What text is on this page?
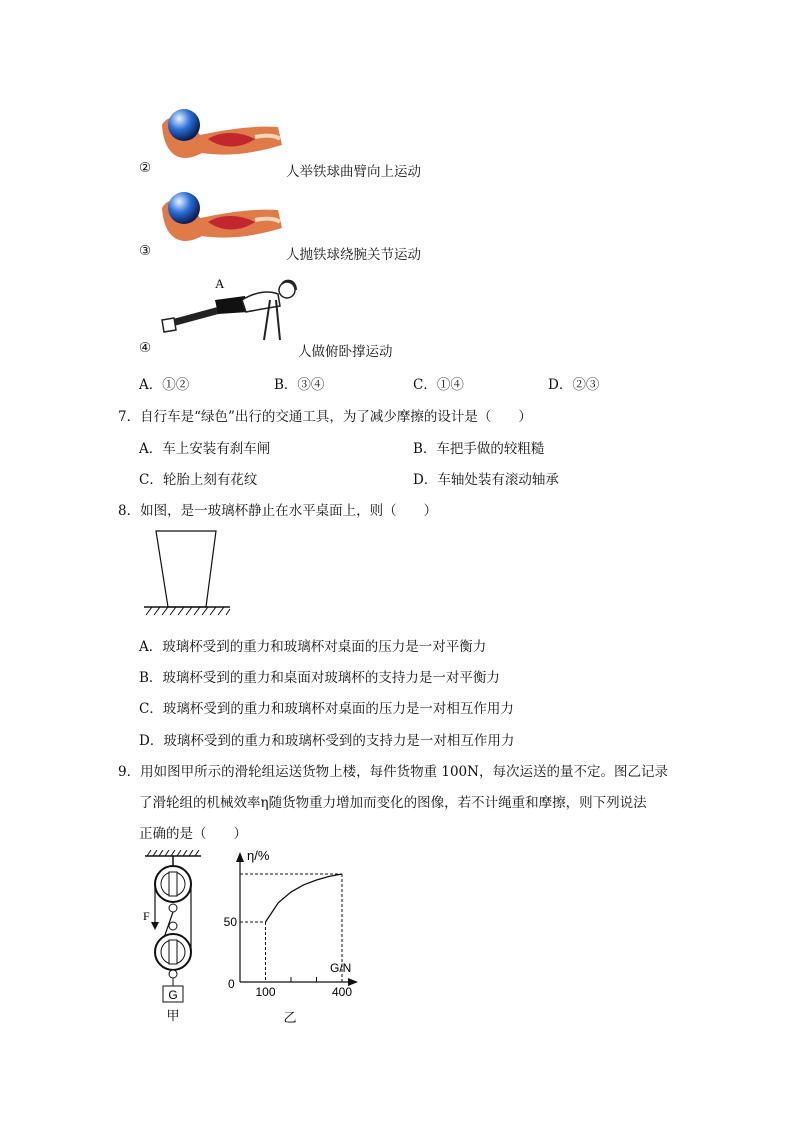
②	人举铁球曲臂向上运动
③	人抛铁球绕腕关节运动
A
④	人做俯卧撑运动
A．①②	B．③④	C．①④	D．②③
7．自行车是“绿色”出行的交通工具，为了减少摩擦的设计是（　　）
A．车上安装有刹车闸	B．车把手做的较粗糙
C．轮胎上刻有花纹	D．车轴处装有滚动轴承
8．如图，是一玻璃杯静止在水平桌面上，则（　　）
A．玻璃杯受到的重力和玻璃杯对桌面的压力是一对平衡力
B．玻璃杯受到的重力和桌面对玻璃杯的支持力是一对平衡力
C．玻璃杯受到的重力和玻璃杯对桌面的压力是一对相互作用力
D．玻璃杯受到的重力和玻璃杯受到的支持力是一对相互作用力
9．用如图甲所示的滑轮组运送货物上楼，每件货物重 100N，每次运送的量不定。图乙记录
了滑轮组的机械效率η随货物重力增加而变化的图像，若不计绳重和摩擦，则下列说法
正确的是（　　）
F
G
甲
η/%
G/N
0
100	400
50
乙
